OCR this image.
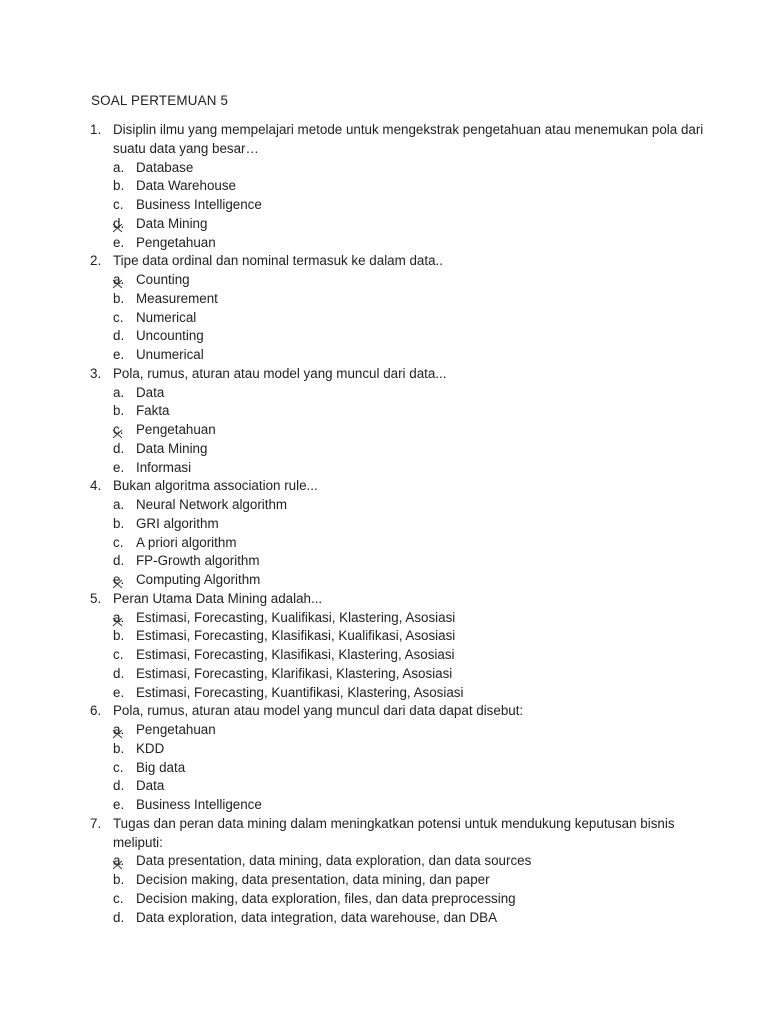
SOAL PERTEMUAN 5
1. Disiplin ilmu yang mempelajari metode untuk mengekstrak pengetahuan atau menemukan pola dari
suatu data yang besar…
a. Database
b. Data Warehouse
c. Business Intelligence
d. Data Mining
e. Pengetahuan
2. Tipe data ordinal dan nominal termasuk ke dalam data..
a. Counting
b. Measurement
c. Numerical
d. Uncounting
e. Unumerical
3. Pola, rumus, aturan atau model yang muncul dari data...
a. Data
b. Fakta
c. Pengetahuan
d. Data Mining
e. Informasi
4. Bukan algoritma association rule...
a. Neural Network algorithm
b. GRI algorithm
c. A priori algorithm
d. FP-Growth algorithm
e. Computing Algorithm
5. Peran Utama Data Mining adalah...
a. Estimasi, Forecasting, Kualifikasi, Klastering, Asosiasi
b. Estimasi, Forecasting, Klasifikasi, Kualifikasi, Asosiasi
c. Estimasi, Forecasting, Klasifikasi, Klastering, Asosiasi
d. Estimasi, Forecasting, Klarifikasi, Klastering, Asosiasi
e. Estimasi, Forecasting, Kuantifikasi, Klastering, Asosiasi
6. Pola, rumus, aturan atau model yang muncul dari data dapat disebut:
a. Pengetahuan
b. KDD
c. Big data
d. Data
e. Business Intelligence
7. Tugas dan peran data mining dalam meningkatkan potensi untuk mendukung keputusan bisnis
meliputi:
a. Data presentation, data mining, data exploration, dan data sources
b. Decision making, data presentation, data mining, dan paper
c. Decision making, data exploration, files, dan data preprocessing
d. Data exploration, data integration, data warehouse, dan DBA
